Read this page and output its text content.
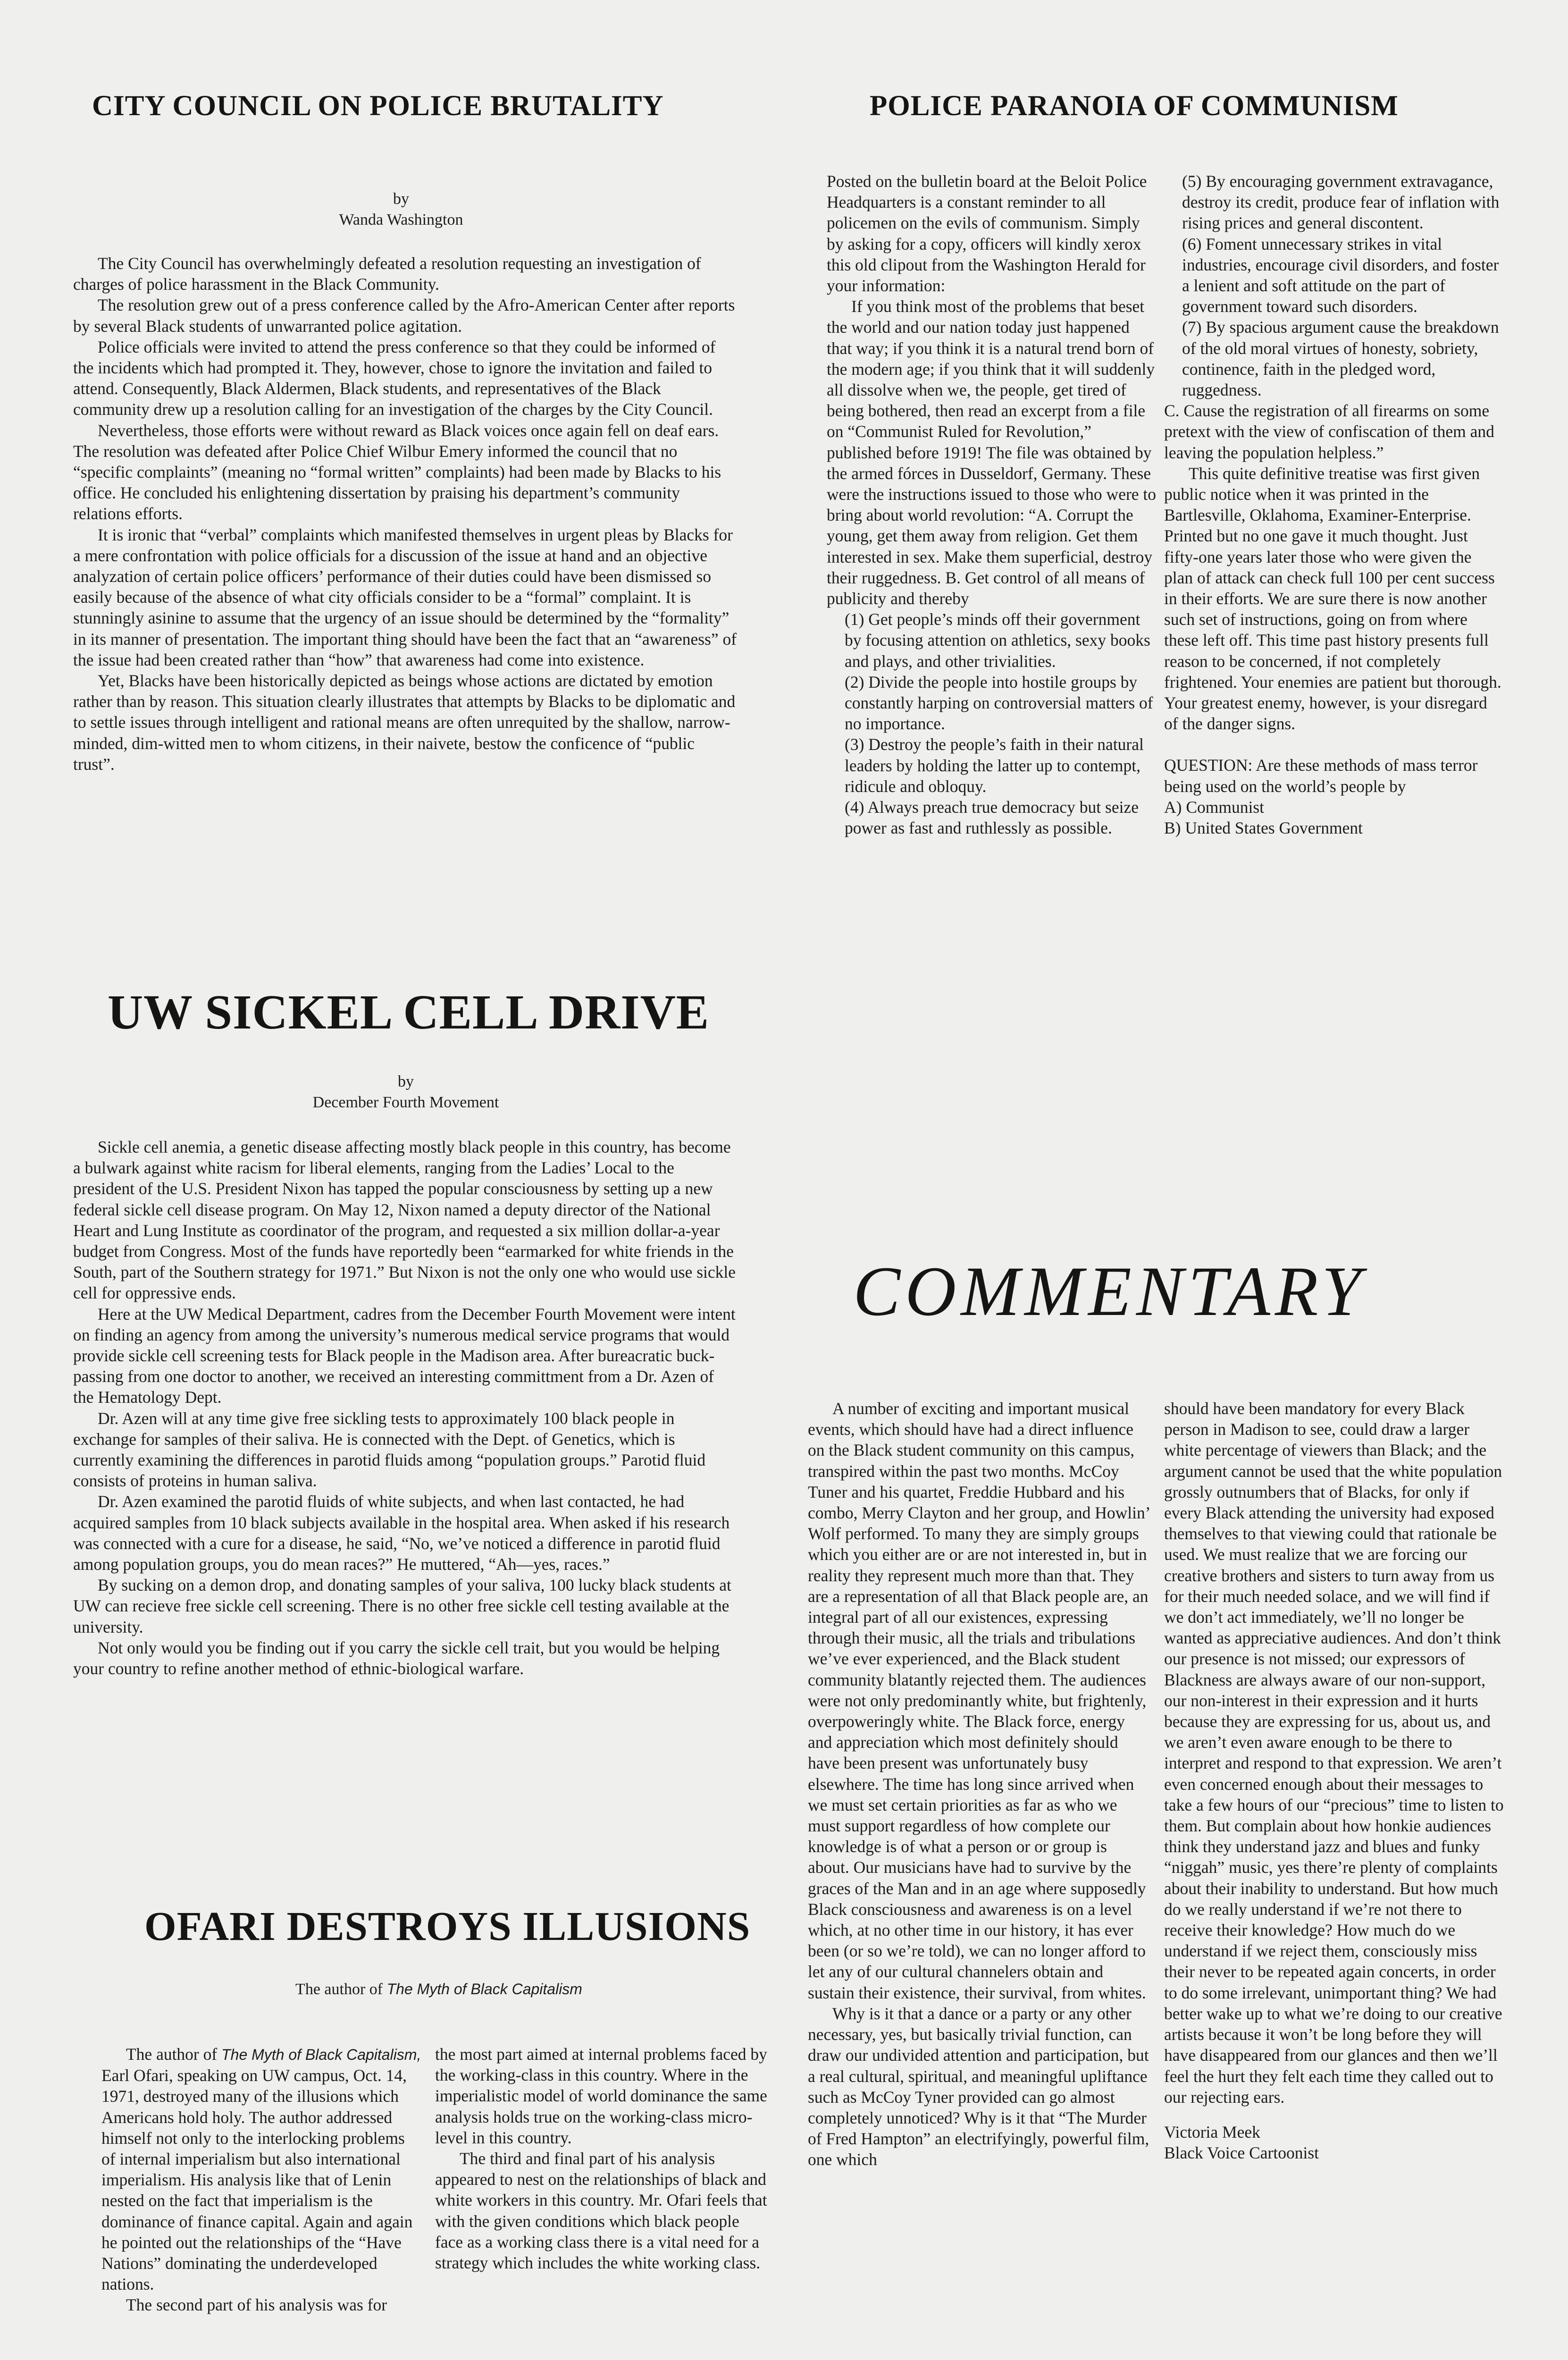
CITY COUNCIL ON POLICE BRUTALITY
by
Wanda Washington

The City Council has overwhelmingly defeated a resolution requesting an investigation of charges of police harassment in the Black Community.

The resolution grew out of a press conference called by the Afro-American Center after reports by several Black students of unwarranted police agitation.

Police officials were invited to attend the press conference so that they could be informed of the incidents which had prompted it. They, however, chose to ignore the invitation and failed to attend. Consequently, Black Aldermen, Black students, and representatives of the Black community drew up a resolution calling for an investigation of the charges by the City Council.

Nevertheless, those efforts were without reward as Black voices once again fell on deaf ears. The resolution was defeated after Police Chief Wilbur Emery informed the council that no “specific complaints” (meaning no “formal written” complaints) had been made by Blacks to his office. He concluded his enlightening dissertation by praising his department’s community relations efforts.

It is ironic that “verbal” complaints which manifested themselves in urgent pleas by Blacks for a mere confrontation with police officials for a discussion of the issue at hand and an objective analyzation of certain police officers’ performance of their duties could have been dismissed so easily because of the absence of what city officials consider to be a “formal” complaint. It is stunningly asinine to assume that the urgency of an issue should be determined by the “formality” in its manner of presentation. The important thing should have been the fact that an “awareness” of the issue had been created rather than “how” that awareness had come into existence.

Yet, Blacks have been historically depicted as beings whose actions are dictated by emotion rather than by reason. This situation clearly illustrates that attempts by Blacks to be diplomatic and to settle issues through intelligent and rational means are often unrequited by the shallow, narrow-minded, dim-witted men to whom citizens, in their naivete, bestow the conficence of “public trust”.

POLICE PARANOIA OF COMMUNISM

Posted on the bulletin board at the Beloit Police Headquarters is a constant reminder to all policemen on the evils of communism. Simply by asking for a copy, officers will kindly xerox this old clipout from the Washington Herald for your information:

If you think most of the problems that beset the world and our nation today just happened that way; if you think it is a natural trend born of the modern age; if you think that it will suddenly all dissolve when we, the people, get tired of being bothered, then read an excerpt from a file on “Communist Ruled for Revolution,” published before 1919! The file was obtained by the armed fórces in Dusseldorf, Germany. These were the instructions issued to those who were to bring about world revolution: “A. Corrupt the young, get them away from religion. Get them interested in sex. Make them superficial, destroy their ruggedness. B. Get control of all means of publicity and thereby

(1) Get people’s minds off their government by focusing attention on athletics, sexy books and plays, and other trivialities.

(2) Divide the people into hostile groups by constantly harping on controversial matters of no importance.

(3) Destroy the people’s faith in their natural leaders by holding the latter up to contempt, ridicule and obloquy.

(4) Always preach true democracy but seize power as fast and ruthlessly as possible.

(5) By encouraging government extravagance, destroy its credit, produce fear of inflation with rising prices and general discontent.

(6) Foment unnecessary strikes in vital industries, encourage civil disorders, and foster a lenient and soft attitude on the part of government toward such disorders.

(7) By spacious argument cause the breakdown of the old moral virtues of honesty, sobriety, continence, faith in the pledged word, ruggedness.

C. Cause the registration of all firearms on some pretext with the view of confiscation of them and leaving the population helpless.”

This quite definitive treatise was first given public notice when it was printed in the Bartlesville, Oklahoma, Examiner-Enterprise. Printed but no one gave it much thought. Just fifty-one years later those who were given the plan of attack can check full 100 per cent success in their efforts. We are sure there is now another such set of instructions, going on from where these left off. This time past history presents full reason to be concerned, if not completely frightened. Your enemies are patient but thorough. Your greatest enemy, however, is your disregard of the danger signs.

QUESTION: Are these methods of mass terror being used on the world’s people by

A) Communist

B) United States Government

UW SICKEL CELL DRIVE
by
December Fourth Movement

Sickle cell anemia, a genetic disease affecting mostly black people in this country, has become a bulwark against white racism for liberal elements, ranging from the Ladies’ Local to the president of the U.S. President Nixon has tapped the popular consciousness by setting up a new federal sickle cell disease program. On May 12, Nixon named a deputy director of the National Heart and Lung Institute as coordinator of the program, and requested a six million dollar-a-year budget from Congress. Most of the funds have reportedly been “earmarked for white friends in the South, part of the Southern strategy for 1971.” But Nixon is not the only one who would use sickle cell for oppressive ends.

Here at the UW Medical Department, cadres from the December Fourth Movement were intent on finding an agency from among the university’s numerous medical service programs that would provide sickle cell screening tests for Black people in the Madison area. After bureacratic buck-passing from one doctor to another, we received an interesting committment from a Dr. Azen of the Hematology Dept.

Dr. Azen will at any time give free sickling tests to approximately 100 black people in exchange for samples of their saliva. He is connected with the Dept. of Genetics, which is currently examining the differences in parotid fluids among “population groups.” Parotid fluid consists of proteins in human saliva.

Dr. Azen examined the parotid fluids of white subjects, and when last contacted, he had acquired samples from 10 black subjects available in the hospital area. When asked if his research was connected with a cure for a disease, he said, “No, we’ve noticed a difference in parotid fluid among population groups, you do mean races?” He muttered, “Ah—yes, races.”

By sucking on a demon drop, and donating samples of your saliva, 100 lucky black students at UW can recieve free sickle cell screening. There is no other free sickle cell testing available at the university.

Not only would you be finding out if you carry the sickle cell trait, but you would be helping your country to refine another method of ethnic-biological warfare.

OFARI DESTROYS ILLUSIONS
The author of The Myth of Black Capitalism

The author of The Myth of Black Capitalism, Earl Ofari, speaking on UW campus, Oct. 14, 1971, destroyed many of the illusions which Americans hold holy. The author addressed himself not only to the interlocking problems of internal imperialism but also international imperialism. His analysis like that of Lenin nested on the fact that imperialism is the dominance of finance capital. Again and again he pointed out the relationships of the “Have Nations” dominating the underdeveloped nations.

The second part of his analysis was for

the most part aimed at internal problems faced by the working-class in this country. Where in the imperialistic model of world dominance the same analysis holds true on the working-class micro-level in this country.

The third and final part of his analysis appeared to nest on the relationships of black and white workers in this country. Mr. Ofari feels that with the given conditions which black people face as a working class there is a vital need for a strategy which includes the white working class.

COMMENTARY

A number of exciting and important musical events, which should have had a direct influence on the Black student community on this campus, transpired within the past two months. McCoy Tuner and his quartet, Freddie Hubbard and his combo, Merry Clayton and her group, and Howlin’ Wolf performed. To many they are simply groups which you either are or are not interested in, but in reality they represent much more than that. They are a representation of all that Black people are, an integral part of all our existences, expressing through their music, all the trials and tribulations we’ve ever experienced, and the Black student community blatantly rejected them. The audiences were not only predominantly white, but frightenly, overpoweringly white. The Black force, energy and appreciation which most definitely should have been present was unfortunately busy elsewhere. The time has long since arrived when we must set certain priorities as far as who we must support regardless of how complete our knowledge is of what a person or or group is about. Our musicians have had to survive by the graces of the Man and in an age where supposedly Black consciousness and awareness is on a level which, at no other time in our history, it has ever been (or so we’re told), we can no longer afford to let any of our cultural channelers obtain and sustain their existence, their survival, from whites.

Why is it that a dance or a party or any other necessary, yes, but basically trivial function, can draw our undivided attention and participation, but a real cultural, spiritual, and meaningful upliftance such as McCoy Tyner provided can go almost completely unnoticed? Why is it that “The Murder of Fred Hampton” an electrifyingly, powerful film, one which

should have been mandatory for every Black person in Madison to see, could draw a larger white percentage of viewers than Black; and the argument cannot be used that the white population grossly outnumbers that of Blacks, for only if every Black attending the university had exposed themselves to that viewing could that rationale be used. We must realize that we are forcing our creative brothers and sisters to turn away from us for their much needed solace, and we will find if we don’t act immediately, we’ll no longer be wanted as appreciative audiences. And don’t think our presence is not missed; our expressors of Blackness are always aware of our non-support, our non-interest in their expression and it hurts because they are expressing for us, about us, and we aren’t even aware enough to be there to interpret and respond to that expression. We aren’t even concerned enough about their messages to take a few hours of our “precious” time to listen to them. But complain about how honkie audiences think they understand jazz and blues and funky “niggah” music, yes there’re plenty of complaints about their inability to understand. But how much do we really understand if we’re not there to receive their knowledge? How much do we understand if we reject them, consciously miss their never to be repeated again concerts, in order to do some irrelevant, unimportant thing? We had better wake up to what we’re doing to our creative artists because it won’t be long before they will have disappeared from our glances and then we’ll feel the hurt they felt each time they called out to our rejecting ears.

Victoria Meek

Black Voice Cartoonist
